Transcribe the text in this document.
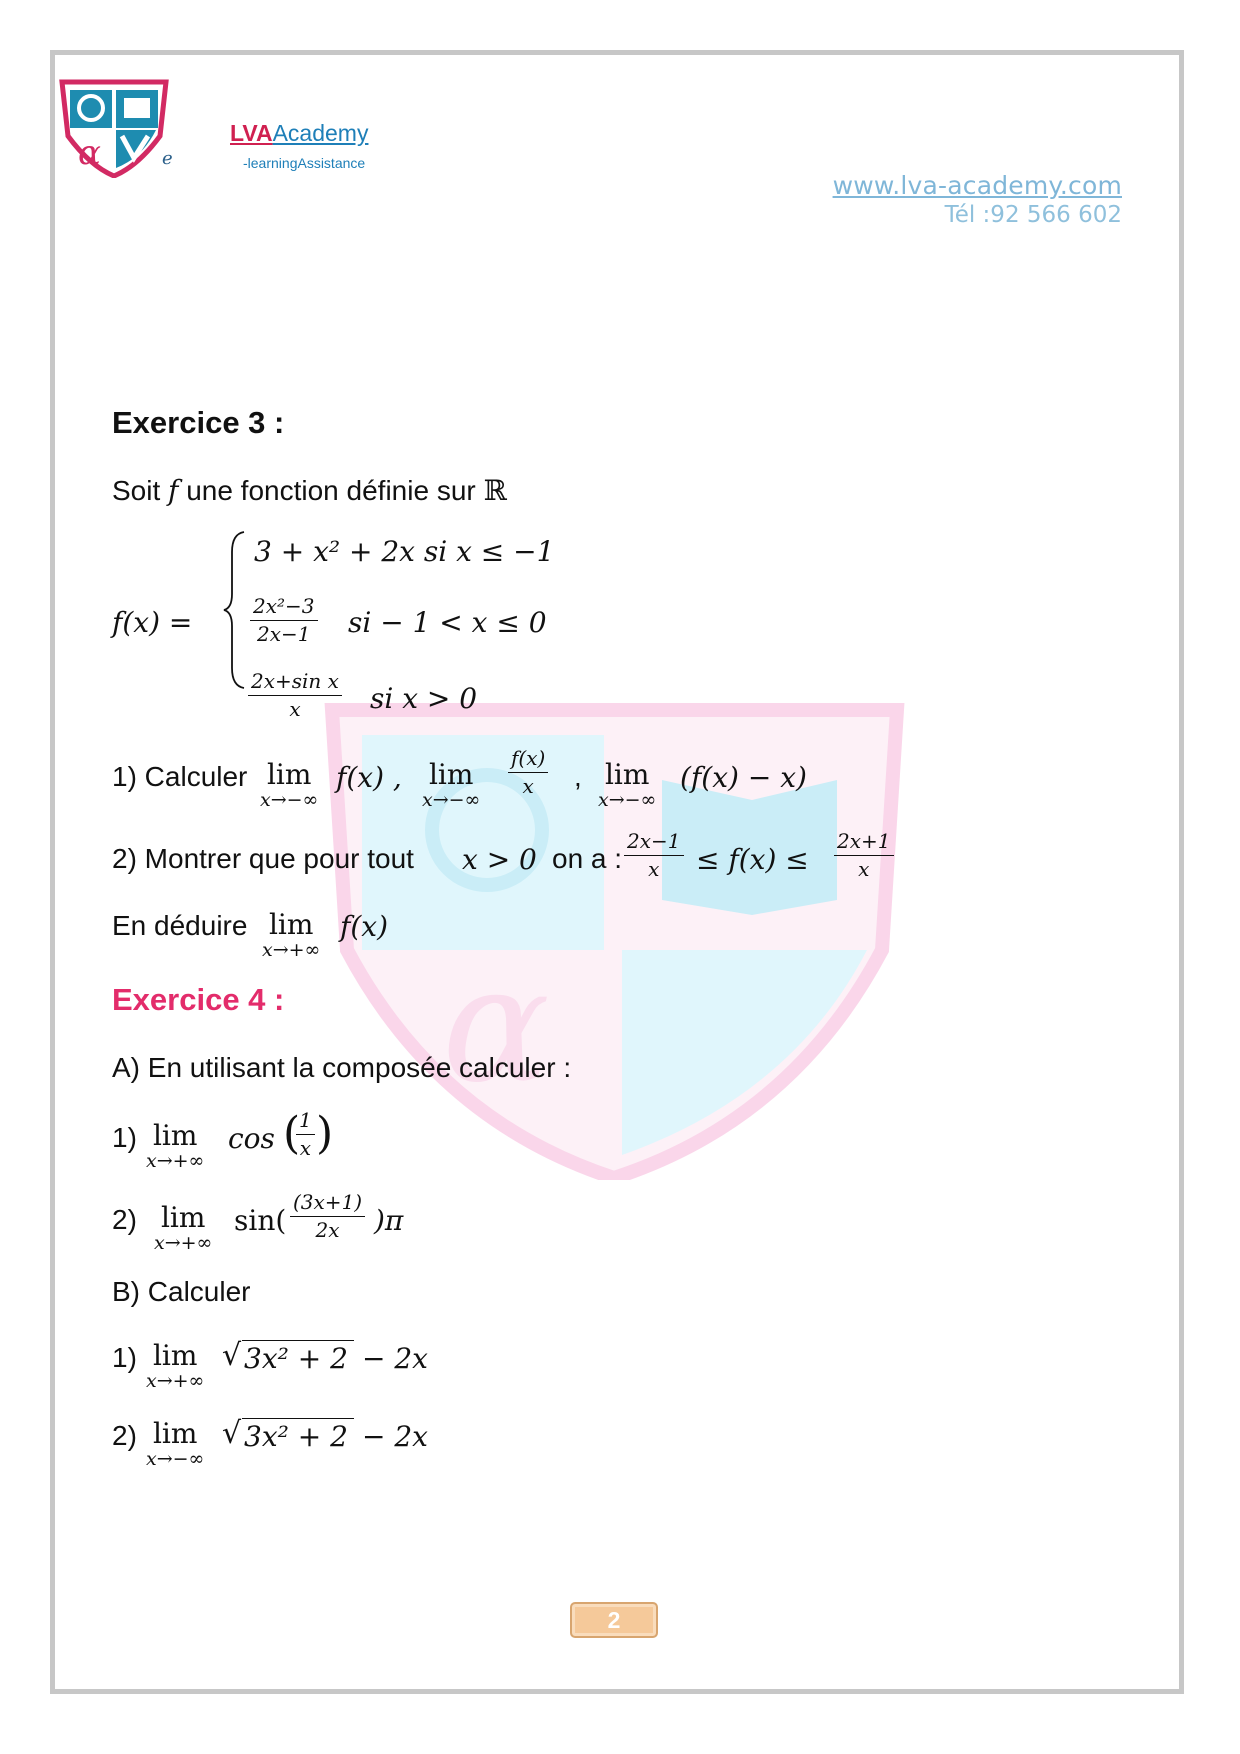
α
α	e
LVAAcademy
-learningAssistance
www.lva-academy.com
Tél :92 566 602
Exercice 3 :
Soit f une fonction définie sur ℝ
f(x) =
3 + x² + 2x si x ≤ −1
$\frac{\text{2x²−3}}{2x-1}$ si − 1 < x ≤ 0
$\frac{\text{2x+sin x}}{x}$ si x > 0
1) Calculer lim
x→−∞
f(x) , lim
x→−∞
$\frac{f(x)}{x}$ , lim
x→−∞
(f(x) − x)
2) Montrer que pour tout x > 0 on a : $\frac{2x-1}{x} \le f(x) \le \frac{2x+1}{x}$
En déduire lim
x→+∞
f(x)
Exercice 4 :
A) En utilisant la composée calculer :
1) lim
x→+∞
cos (
$\frac{1}{x}$ )
2) lim
x→+∞
$\sin( \frac{(3x+1)}{2x} )\pi$
B) Calculer
1) lim
x→+∞
√ 3x² + 2 − 2x
2) lim
x→−∞
√ 3x² + 2 − 2x
2
